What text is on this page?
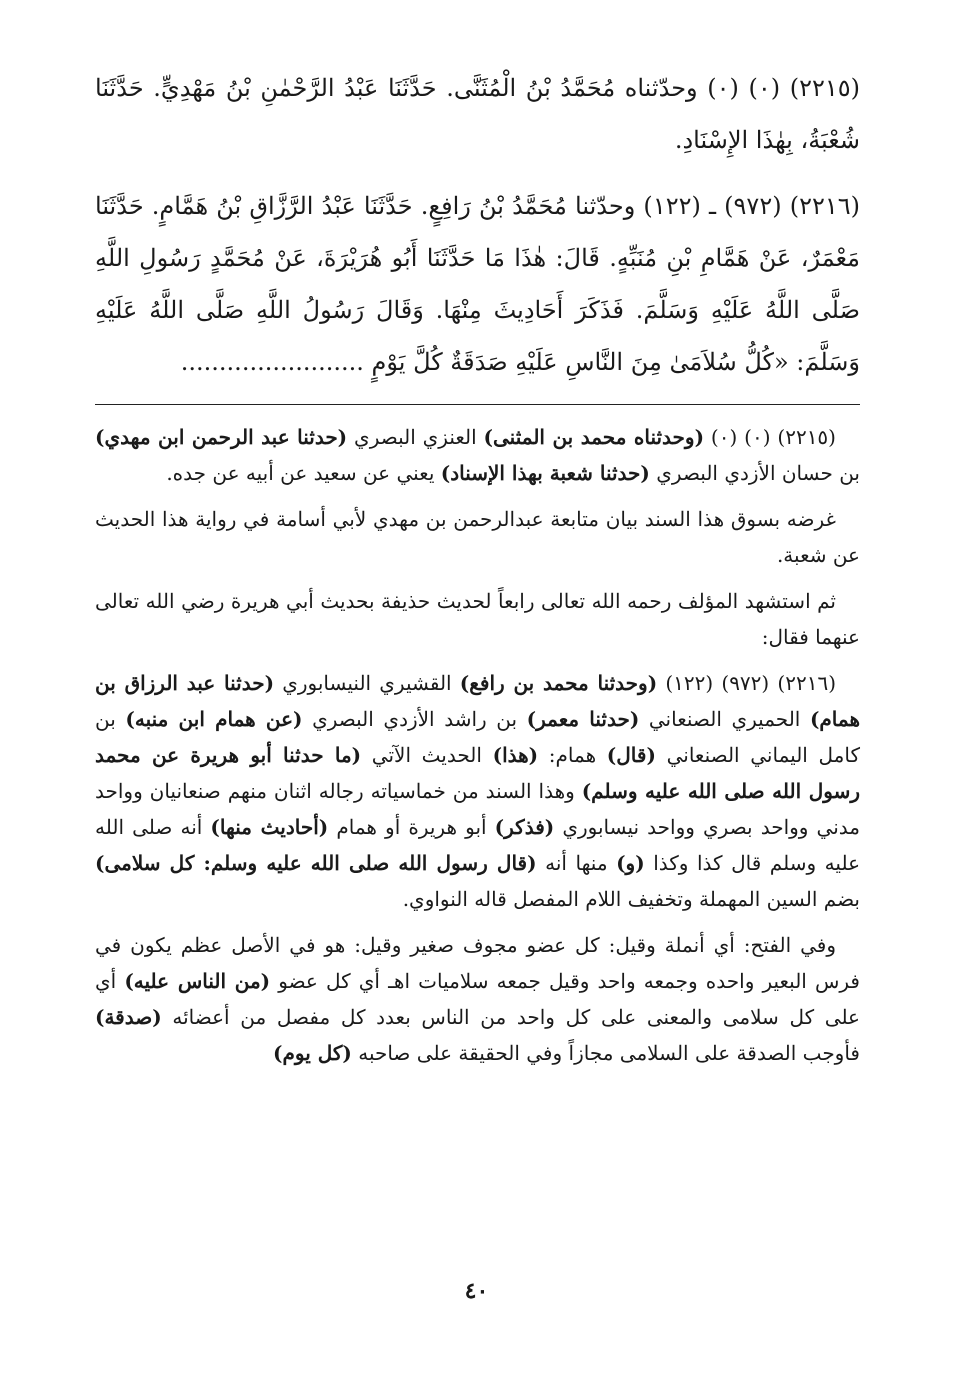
(٢٢١٥) (٠) (٠) وحدّثناه مُحَمَّدُ بْنُ الْمُثَنَّى. حَدَّثَنَا عَبْدُ الرَّحْمٰنِ بْنُ مَهْدِيٍّ. حَدَّثَنَا شُعْبَةُ، بِهٰذَا الإِسْنَادِ.

(٢٢١٦) (٩٧٢) ـ (١٢٢) وحدّثنا مُحَمَّدُ بْنُ رَافِعٍ. حَدَّثَنَا عَبْدُ الرَّزَّاقِ بْنُ هَمَّامٍ. حَدَّثَنَا مَعْمَرٌ، عَنْ هَمَّامِ بْنِ مُنَبِّهٍ. قَالَ: هٰذَا مَا حَدَّثَنَا أَبُو هُرَيْرَةَ، عَنْ مُحَمَّدٍ رَسُولِ اللَّهِ صَلَّى اللَّهُ عَلَيْهِ وَسَلَّمَ. فَذَكَرَ أَحَادِيثَ مِنْهَا. وَقَالَ رَسُولُ اللَّهِ صَلَّى اللَّهُ عَلَيْهِ وَسَلَّمَ: «كُلُّ سُلاَمَىٰ مِنَ النَّاسِ عَلَيْهِ صَدَقَةٌ كُلَّ يَوْمٍ ........................

(٢٢١٥) (٠) (٠) (وحدثناه محمد بن المثنى) العنزي البصري (حدثنا عبد الرحمن ابن مهدي) بن حسان الأزدي البصري (حدثنا شعبة بهذا الإسناد) يعني عن سعيد عن أبيه عن جده.

غرضه بسوق هذا السند بيان متابعة عبدالرحمن بن مهدي لأبي أسامة في رواية هذا الحديث عن شعبة.

ثم استشهد المؤلف رحمه الله تعالى رابعاً لحديث حذيفة بحديث أبي هريرة رضي الله تعالى عنهما فقال:

(٢٢١٦) (٩٧٢) (١٢٢) (وحدثنا محمد بن رافع) القشيري النيسابوري (حدثنا عبد الرزاق بن همام) الحميري الصنعاني (حدثنا معمر) بن راشد الأزدي البصري (عن همام ابن منبه) بن كامل اليماني الصنعاني (قال) همام: (هذا) الحديث الآتي (ما حدثنا أبو هريرة عن محمد رسول الله صلى الله عليه وسلم) وهذا السند من خماسياته رجاله اثنان منهم صنعانيان وواحد مدني وواحد بصري وواحد نيسابوري (فذكر) أبو هريرة أو همام (أحاديث منها) أنه صلى الله عليه وسلم قال كذا وكذا (و) منها أنه (قال رسول الله صلى الله عليه وسلم: كل سلامى) بضم السين المهملة وتخفيف اللام المفصل قاله النواوي.

وفي الفتح: أي أنملة وقيل: كل عضو مجوف صغير وقيل: هو في الأصل عظم يكون في فرس البعير واحده وجمعه واحد وقيل جمعه سلاميات اهـ أي كل عضو (من الناس عليه) أي على كل سلامى والمعنى على كل واحد من الناس بعدد كل مفصل من أعضائه (صدقة) فأوجب الصدقة على السلامى مجازاً وفي الحقيقة على صاحبه (كل يوم)

٤٠
